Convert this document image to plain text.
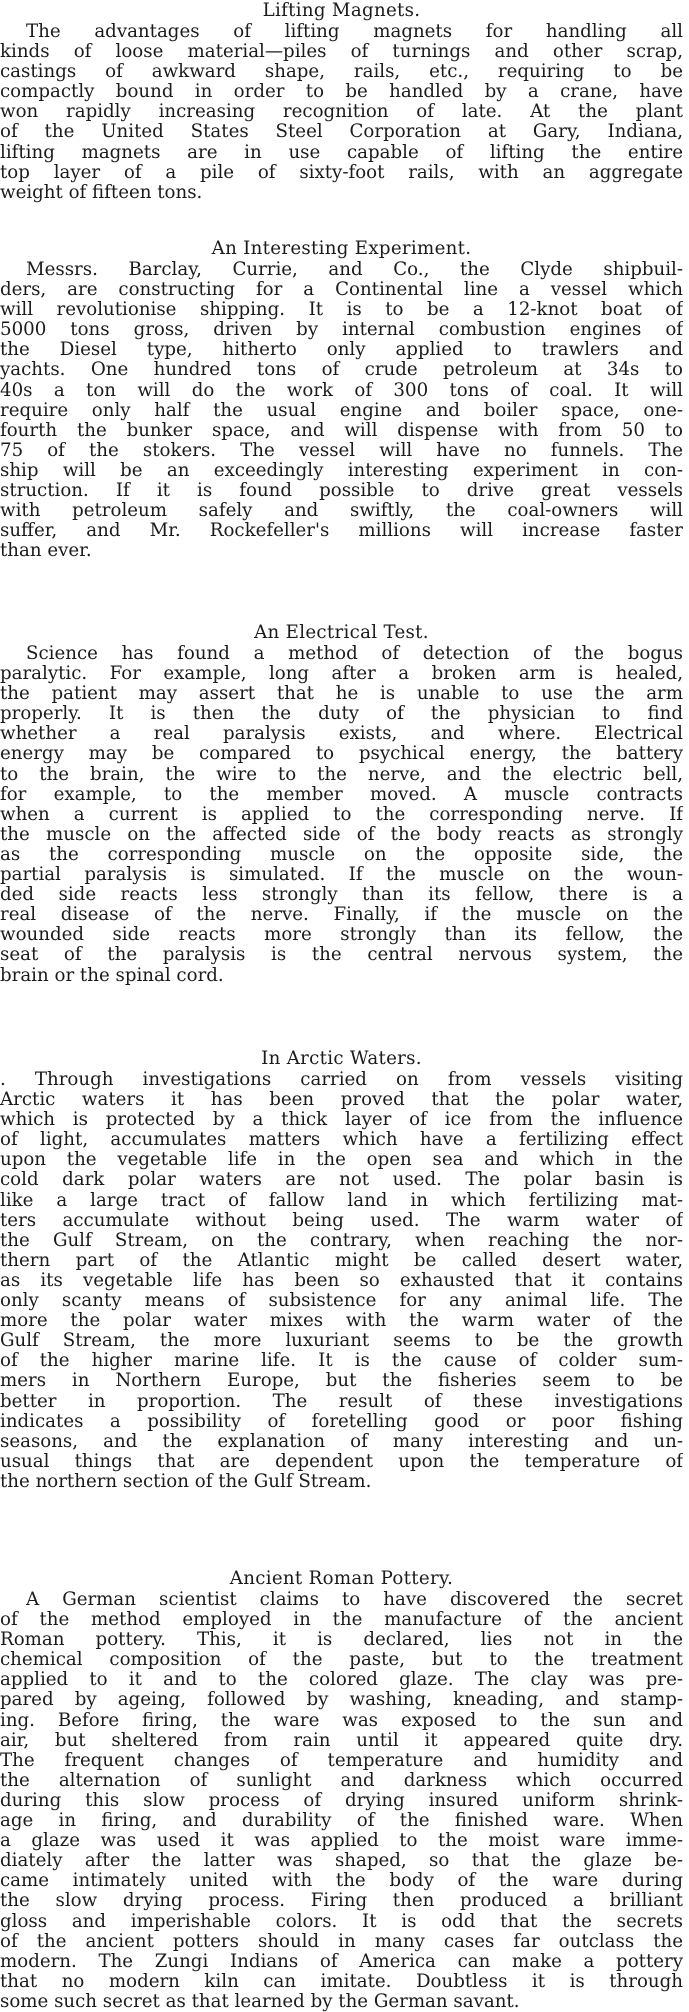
Lifting Magnets.
The advantages of lifting magnets for handling all
kinds of loose material—piles of turnings and other scrap,
castings of awkward shape, rails, etc., requiring to be
compactly bound in order to be handled by a crane, have
won rapidly increasing recognition of late. At the plant
of the United States Steel Corporation at Gary, Indiana,
lifting magnets are in use capable of lifting the entire
top layer of a pile of sixty-foot rails, with an aggregate
weight of fifteen tons.
An Interesting Experiment.
Messrs. Barclay, Currie, and Co., the Clyde shipbuil-
ders, are constructing for a Continental line a vessel which
will revolutionise shipping. It is to be a 12-knot boat of
5000 tons gross, driven by internal combustion engines of
the Diesel type, hitherto only applied to trawlers and
yachts. One hundred tons of crude petroleum at 34s to
40s a ton will do the work of 300 tons of coal. It will
require only half the usual engine and boiler space, one-
fourth the bunker space, and will dispense with from 50 to
75 of the stokers. The vessel will have no funnels. The
ship will be an exceedingly interesting experiment in con-
struction. If it is found possible to drive great vessels
with petroleum safely and swiftly, the coal-owners will
suffer, and Mr. Rockefeller's millions will increase faster
than ever.
An Electrical Test.
Science has found a method of detection of the bogus
paralytic. For example, long after a broken arm is healed,
the patient may assert that he is unable to use the arm
properly. It is then the duty of the physician to find
whether a real paralysis exists, and where. Electrical
energy may be compared to psychical energy, the battery
to the brain, the wire to the nerve, and the electric bell,
for example, to the member moved. A muscle contracts
when a current is applied to the corresponding nerve. If
the muscle on the affected side of the body reacts as strongly
as the corresponding muscle on the opposite side, the
partial paralysis is simulated. If the muscle on the woun-
ded side reacts less strongly than its fellow, there is a
real disease of the nerve. Finally, if the muscle on the
wounded side reacts more strongly than its fellow, the
seat of the paralysis is the central nervous system, the
brain or the spinal cord.
In Arctic Waters.
. Through investigations carried on from vessels visiting
Arctic waters it has been proved that the polar water,
which is protected by a thick layer of ice from the influence
of light, accumulates matters which have a fertilizing effect
upon the vegetable life in the open sea and which in the
cold dark polar waters are not used. The polar basin is
like a large tract of fallow land in which fertilizing mat-
ters accumulate without being used. The warm water of
the Gulf Stream, on the contrary, when reaching the nor-
thern part of the Atlantic might be called desert water,
as its vegetable life has been so exhausted that it contains
only scanty means of subsistence for any animal life. The
more the polar water mixes with the warm water of the
Gulf Stream, the more luxuriant seems to be the growth
of the higher marine life. It is the cause of colder sum-
mers in Northern Europe, but the fisheries seem to be
better in proportion. The result of these investigations
indicates a possibility of foretelling good or poor fishing
seasons, and the explanation of many interesting and un-
usual things that are dependent upon the temperature of
the northern section of the Gulf Stream.
Ancient Roman Pottery.
A German scientist claims to have discovered the secret
of the method employed in the manufacture of the ancient
Roman pottery. This, it is declared, lies not in the
chemical composition of the paste, but to the treatment
applied to it and to the colored glaze. The clay was pre-
pared by ageing, followed by washing, kneading, and stamp-
ing. Before firing, the ware was exposed to the sun and
air, but sheltered from rain until it appeared quite dry.
The frequent changes of temperature and humidity and
the alternation of sunlight and darkness which occurred
during this slow process of drying insured uniform shrink-
age in firing, and durability of the finished ware. When
a glaze was used it was applied to the moist ware imme-
diately after the latter was shaped, so that the glaze be-
came intimately united with the body of the ware during
the slow drying process. Firing then produced a brilliant
gloss and imperishable colors. It is odd that the secrets
of the ancient potters should in many cases far outclass the
modern. The Zungi Indians of America can make a pottery
that no modern kiln can imitate. Doubtless it is through
some such secret as that learned by the German savant.
